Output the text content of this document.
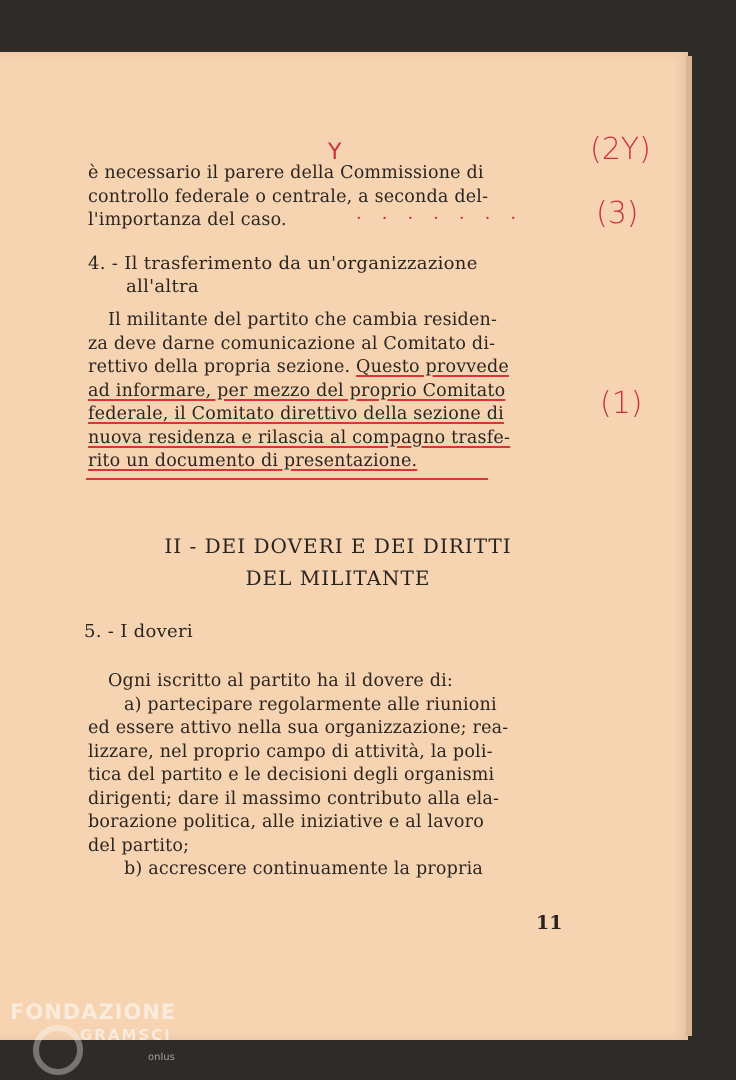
Y	(2Y)
(3)
(1)
·······

è necessario il parere della Commissione di

controllo federale o centrale, a seconda del-

l'importanza del caso.

4. - Il trasferimento da un'organizzazione
all'altra

Il militante del partito che cambia residen-

za deve darne comunicazione al Comitato di-

rettivo della propria sezione. Questo provvede

ad informare, per mezzo del proprio Comitato

federale, il Comitato direttivo della sezione di

nuova residenza e rilascia al compagno trasfe-

rito un documento di presentazione.

II - DEI DOVERI E DEI DIRITTI
DEL MILITANTE
5. - I doveri

Ogni iscritto al partito ha il dovere di:

a) partecipare regolarmente alle riunioni

ed essere attivo nella sua organizzazione; rea-

lizzare, nel proprio campo di attività, la poli-

tica del partito e le decisioni degli organismi

dirigenti; dare il massimo contributo alla ela-

borazione politica, alle iniziative e al lavoro

del partito;

b) accrescere continuamente la propria

11
FONDAZIONE
GRAMSCI
onlus
